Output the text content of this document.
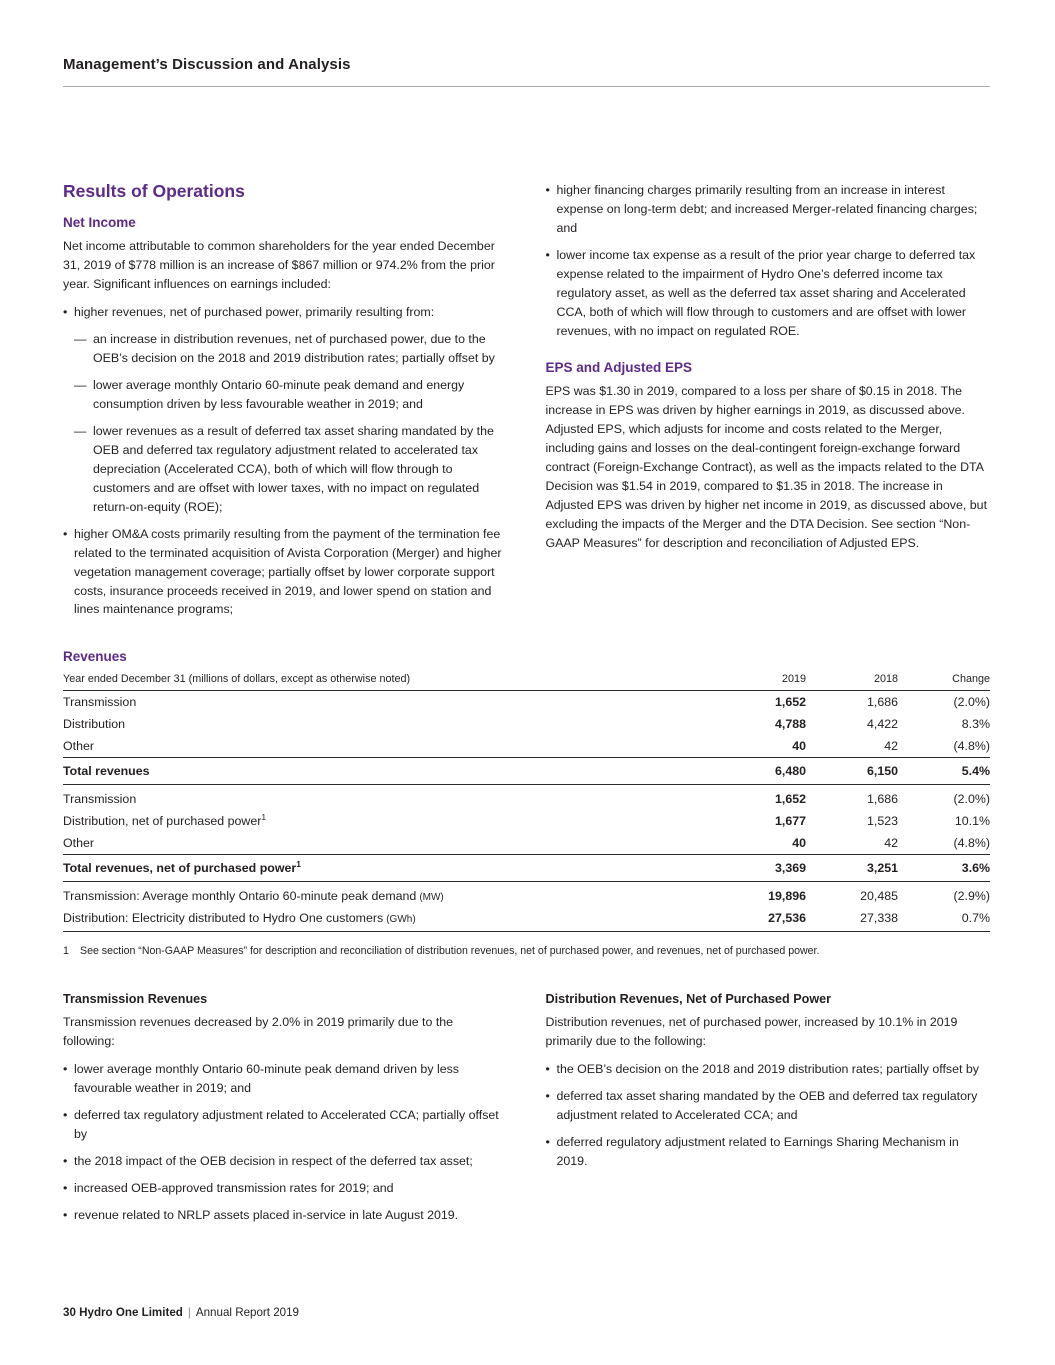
Management’s Discussion and Analysis
Results of Operations
Net Income

Net income attributable to common shareholders for the year ended December 31, 2019 of $778 million is an increase of $867 million or 974.2% from the prior year. Significant influences on earnings included:

• higher revenues, net of purchased power, primarily resulting from:
— an increase in distribution revenues, net of purchased power, due to the OEB’s decision on the 2018 and 2019 distribution rates; partially offset by
— lower average monthly Ontario 60-minute peak demand and energy consumption driven by less favourable weather in 2019; and
— lower revenues as a result of deferred tax asset sharing mandated by the OEB and deferred tax regulatory adjustment related to accelerated tax depreciation (Accelerated CCA), both of which will flow through to customers and are offset with lower taxes, with no impact on regulated return-on-equity (ROE);
• higher OM&A costs primarily resulting from the payment of the termination fee related to the terminated acquisition of Avista Corporation (Merger) and higher vegetation management coverage; partially offset by lower corporate support costs, insurance proceeds received in 2019, and lower spend on station and lines maintenance programs;
• higher financing charges primarily resulting from an increase in interest expense on long-term debt; and increased Merger-related financing charges; and
• lower income tax expense as a result of the prior year charge to deferred tax expense related to the impairment of Hydro One’s deferred income tax regulatory asset, as well as the deferred tax asset sharing and Accelerated CCA, both of which will flow through to customers and are offset with lower revenues, with no impact on regulated ROE.
EPS and Adjusted EPS

EPS was $1.30 in 2019, compared to a loss per share of $0.15 in 2018. The increase in EPS was driven by higher earnings in 2019, as discussed above. Adjusted EPS, which adjusts for income and costs related to the Merger, including gains and losses on the deal-contingent foreign-exchange forward contract (Foreign-Exchange Contract), as well as the impacts related to the DTA Decision was $1.54 in 2019, compared to $1.35 in 2018. The increase in Adjusted EPS was driven by higher net income in 2019, as discussed above, but excluding the impacts of the Merger and the DTA Decision. See section “Non-GAAP Measures” for description and reconciliation of Adjusted EPS.

Revenues
Year ended December 31 (millions of dollars, except as otherwise noted)	2019	2018	Change
Transmission	1,652	1,686	(2.0%)
Distribution	4,788	4,422	8.3%
Other	40	42	(4.8%)
Total revenues	6,480	6,150	5.4%
Transmission	1,652	1,686	(2.0%)
Distribution, net of purchased power$^1$	1,677	1,523	10.1%
Other	40	42	(4.8%)
Total revenues, net of purchased power$^1$	3,369	3,251	3.6%
Transmission: Average monthly Ontario 60-minute peak demand (MW)	19,896	20,485	(2.9%)
Distribution: Electricity distributed to Hydro One customers (GWh)	27,536	27,338	0.7%
1	See section “Non-GAAP Measures” for description and reconciliation of distribution revenues, net of purchased power, and revenues, net of purchased power.
Transmission Revenues

Transmission revenues decreased by 2.0% in 2019 primarily due to the following:

• lower average monthly Ontario 60-minute peak demand driven by less favourable weather in 2019; and
• deferred tax regulatory adjustment related to Accelerated CCA; partially offset by
• the 2018 impact of the OEB decision in respect of the deferred tax asset;
• increased OEB-approved transmission rates for 2019; and
• revenue related to NRLP assets placed in-service in late August 2019.
Distribution Revenues, Net of Purchased Power

Distribution revenues, net of purchased power, increased by 10.1% in 2019 primarily due to the following:

• the OEB’s decision on the 2018 and 2019 distribution rates; partially offset by
• deferred tax asset sharing mandated by the OEB and deferred tax regulatory adjustment related to Accelerated CCA; and
• deferred regulatory adjustment related to Earnings Sharing Mechanism in 2019.
30 Hydro One Limited | Annual Report 2019
